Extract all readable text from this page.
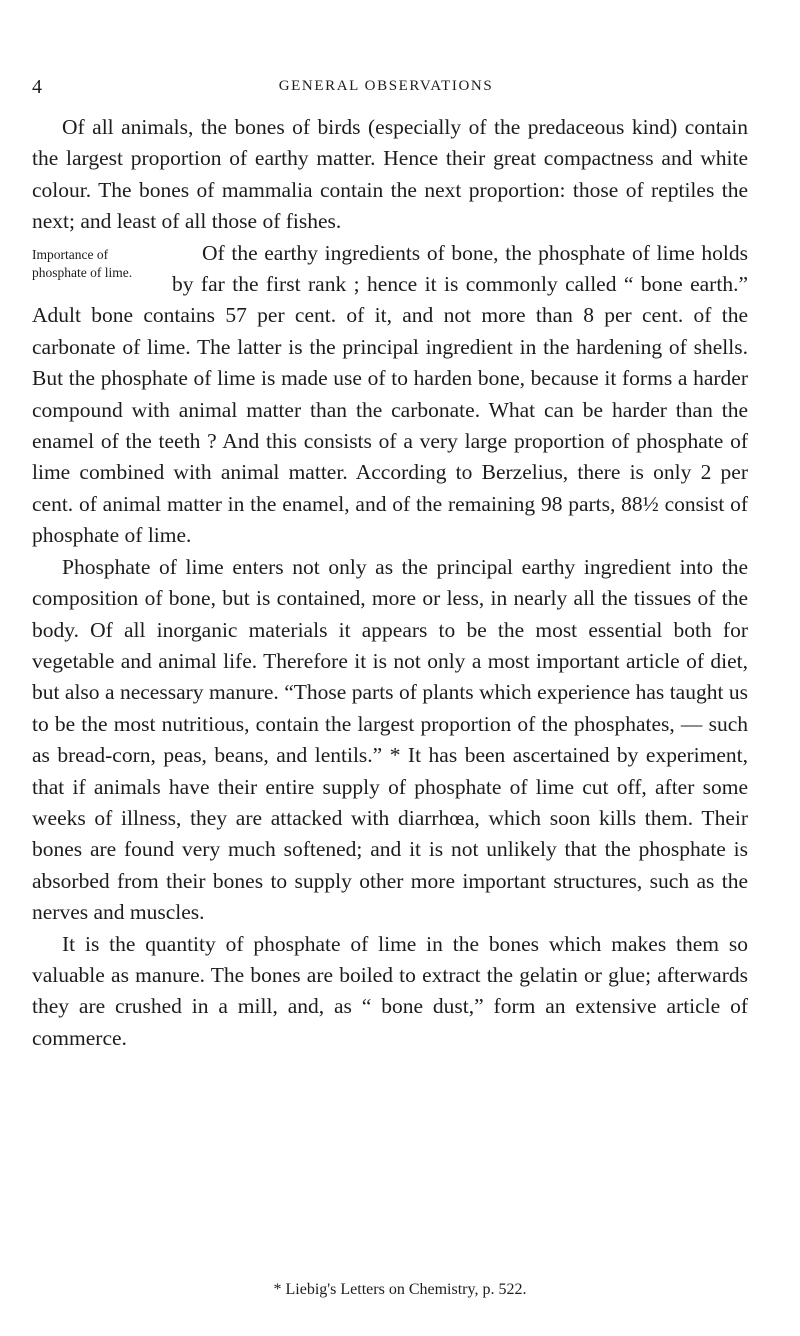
4	GENERAL OBSERVATIONS

Of all animals, the bones of birds (especially of the predaceous kind) contain the largest proportion of earthy matter. Hence their great compactness and white colour. The bones of mammalia contain the next proportion: those of reptiles the next; and least of all those of fishes.

Importance of phosphate of lime.

Of the earthy ingredients of bone, the phosphate of lime holds by far the first rank ; hence it is commonly called “ bone earth.” Adult bone contains 57 per cent. of it, and not more than 8 per cent. of the carbonate of lime. The latter is the principal ingredient in the hardening of shells. But the phosphate of lime is made use of to harden bone, because it forms a harder compound with animal matter than the carbonate. What can be harder than the enamel of the teeth ? And this consists of a very large proportion of phosphate of lime combined with animal matter. According to Berzelius, there is only 2 per cent. of animal matter in the enamel, and of the remaining 98 parts, 88½ consist of phosphate of lime.

Phosphate of lime enters not only as the principal earthy ingredient into the composition of bone, but is contained, more or less, in nearly all the tissues of the body. Of all inorganic materials it appears to be the most essential both for vegetable and animal life. Therefore it is not only a most important article of diet, but also a necessary manure. “Those parts of plants which experience has taught us to be the most nutritious, contain the largest proportion of the phosphates, — such as bread-corn, peas, beans, and lentils.” * It has been ascertained by experiment, that if animals have their entire supply of phosphate of lime cut off, after some weeks of illness, they are attacked with diarrhœa, which soon kills them. Their bones are found very much softened; and it is not unlikely that the phosphate is absorbed from their bones to supply other more important structures, such as the nerves and muscles.

It is the quantity of phosphate of lime in the bones which makes them so valuable as manure. The bones are boiled to extract the gelatin or glue; afterwards they are crushed in a mill, and, as “ bone dust,” form an extensive article of commerce.

* Liebig's Letters on Chemistry, p. 522.
